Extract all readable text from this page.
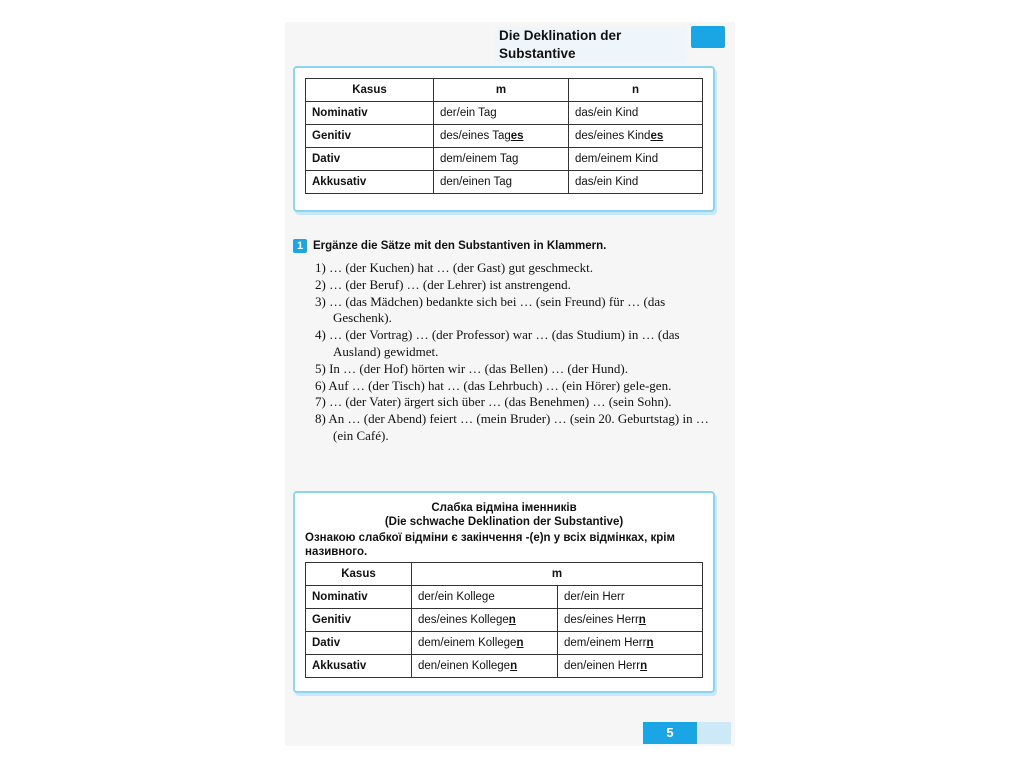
Die Deklination der Substantive
Kasus	m	n
Nominativ	der/ein Tag	das/ein Kind
Genitiv	des/eines Tages	des/eines Kindes
Dativ	dem/einem Tag	dem/einem Kind
Akkusativ	den/einen Tag	das/ein Kind
1 Ergänze die Sätze mit den Substantiven in Klammern.
1) … (der Kuchen) hat … (der Gast) gut geschmeckt.
2) … (der Beruf) … (der Lehrer) ist anstrengend.
3) … (das Mädchen) bedankte sich bei … (sein Freund) für … (das Geschenk).
4) … (der Vortrag) … (der Professor) war … (das Studium) in … (das Ausland) gewidmet.
5) In … (der Hof) hörten wir … (das Bellen) … (der Hund).
6) Auf … (der Tisch) hat … (das Lehrbuch) … (ein Hörer) gele-gen.
7) … (der Vater) ärgert sich über … (das Benehmen) … (sein Sohn).
8) An … (der Abend) feiert … (mein Bruder) … (sein 20. Geburtstag) in … (ein Café).
Слабка відміна іменників
(Die schwache Deklination der Substantive)
Ознакою слабкої відміни є закінчення -(e)n у всіх відмінках, крім називного.
Kasus	m	
Nominativ	der/ein Kollege	der/ein Herr
Genitiv	des/eines Kollegen	des/eines Herrn
Dativ	dem/einem Kollegen	dem/einem Herrn
Akkusativ	den/einen Kollegen	den/einen Herrn
5
